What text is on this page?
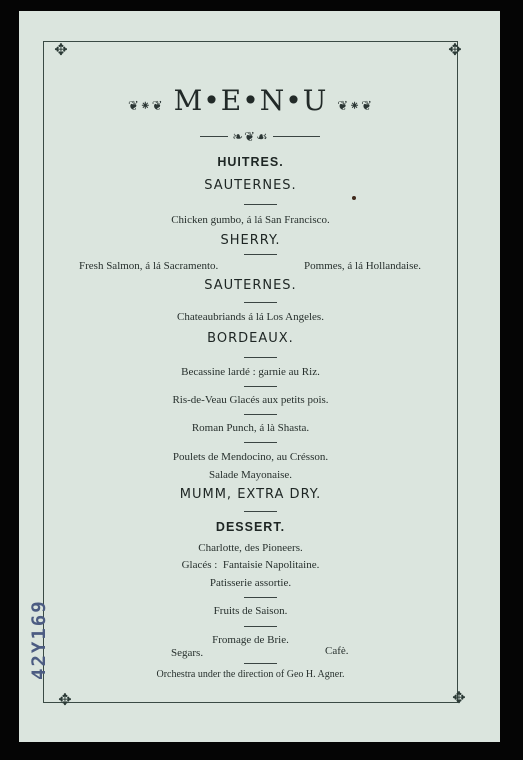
✥	✥
✥	✥
42Y169
❦⁕❦ M•E•N•U ❦⁕❦
❧❦☙
HUITRES.
SAUTERNES.
Chicken gumbo, á lá San Francisco.
SHERRY.
Fresh Salmon, á lá Sacramento.	Pommes, á lá Hollandaise.
SAUTERNES.
Chateaubriands á lá Los Angeles.
BORDEAUX.
Becassine lardé : garnie au Riz.
Ris-de-Veau Glacés aux petits pois.
Roman Punch, á là Shasta.
Poulets de Mendocino, au Crésson.
Salade Mayonaise.
MUMM, EXTRA DRY.
DESSERT.
Charlotte, des Pioneers.
Glacés : Fantaisie Napolitaine.
Patisserie assortie.
Fruits de Saison.
Fromage de Brie.
Segars.	Cafè.
Orchestra under the direction of Geo H. Agner.
